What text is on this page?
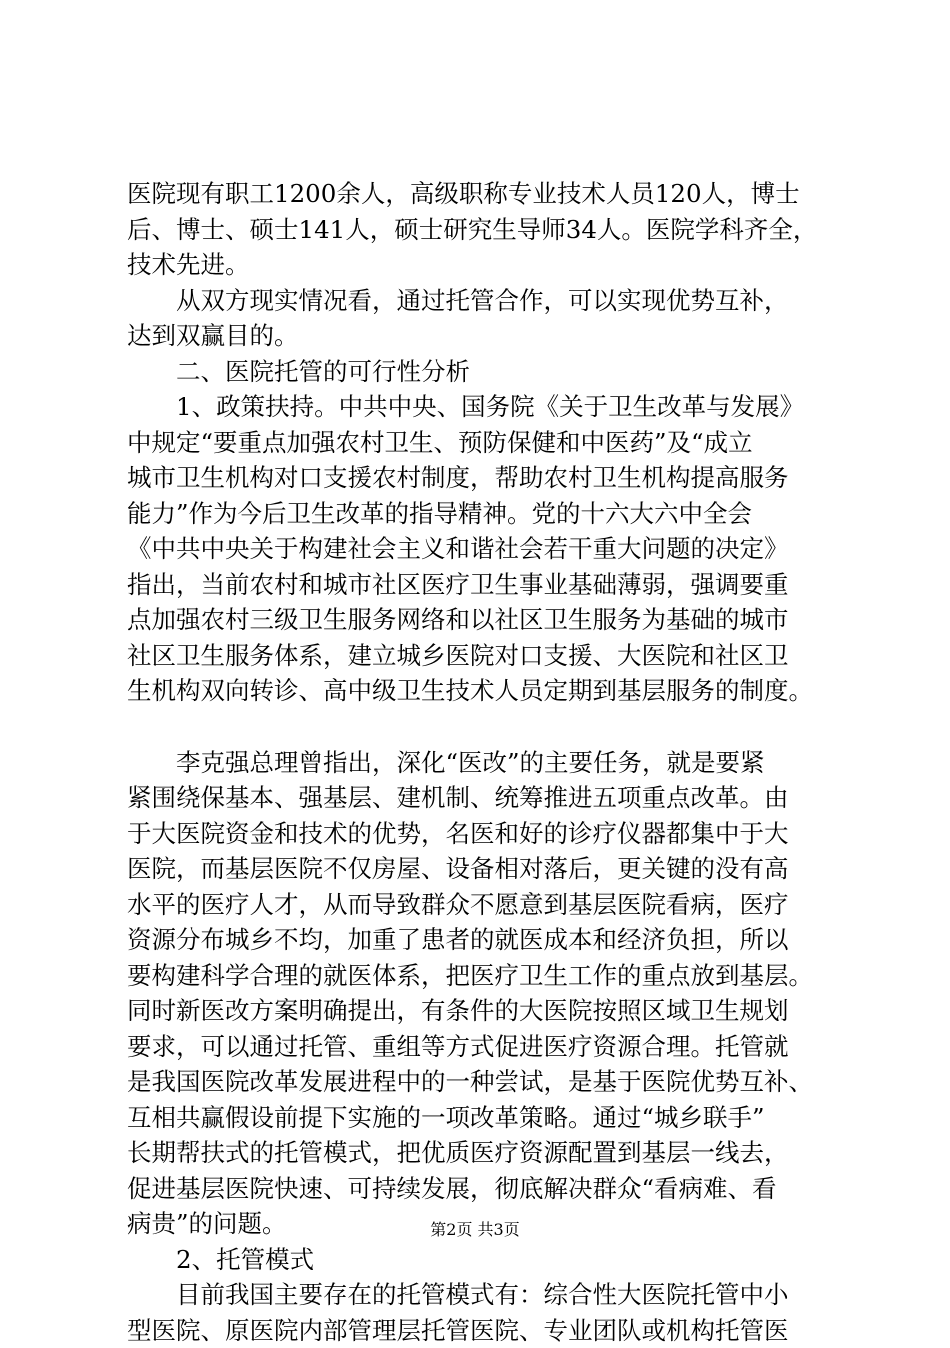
医院现有职工1200余人，高级职称专业技术人员120人，博士
后、博士、硕士141人，硕士研究生导师34人。医院学科齐全，
技术先进。
　　从双方现实情况看，通过托管合作，可以实现优势互补，
达到双赢目的。
　　二、医院托管的可行性分析
　　1、政策扶持。中共中央、国务院《关于卫生改革与发展》
中规定“要重点加强农村卫生、预防保健和中医药”及“成立
城市卫生机构对口支援农村制度，帮助农村卫生机构提高服务
能力”作为今后卫生改革的指导精神。党的十六大六中全会
《中共中央关于构建社会主义和谐社会若干重大问题的决定》
指出，当前农村和城市社区医疗卫生事业基础薄弱，强调要重
点加强农村三级卫生服务网络和以社区卫生服务为基础的城市
社区卫生服务体系，建立城乡医院对口支援、大医院和社区卫
生机构双向转诊、高中级卫生技术人员定期到基层服务的制度。
　　李克强总理曾指出，深化“医改”的主要任务，就是要紧
紧围绕保基本、强基层、建机制、统筹推进五项重点改革。由
于大医院资金和技术的优势，名医和好的诊疗仪器都集中于大
医院，而基层医院不仅房屋、设备相对落后，更关键的没有高
水平的医疗人才，从而导致群众不愿意到基层医院看病，医疗
资源分布城乡不均，加重了患者的就医成本和经济负担，所以
要构建科学合理的就医体系，把医疗卫生工作的重点放到基层。
同时新医改方案明确提出，有条件的大医院按照区域卫生规划
要求，可以通过托管、重组等方式促进医疗资源合理。托管就
是我国医院改革发展进程中的一种尝试，是基于医院优势互补、
互相共赢假设前提下实施的一项改革策略。通过“城乡联手”
长期帮扶式的托管模式，把优质医疗资源配置到基层一线去，
促进基层医院快速、可持续发展，彻底解决群众“看病难、看
病贵”的问题。
　　2、托管模式
　　目前我国主要存在的托管模式有：综合性大医院托管中小
型医院、原医院内部管理层托管医院、专业团队或机构托管医
第2页 共3页
